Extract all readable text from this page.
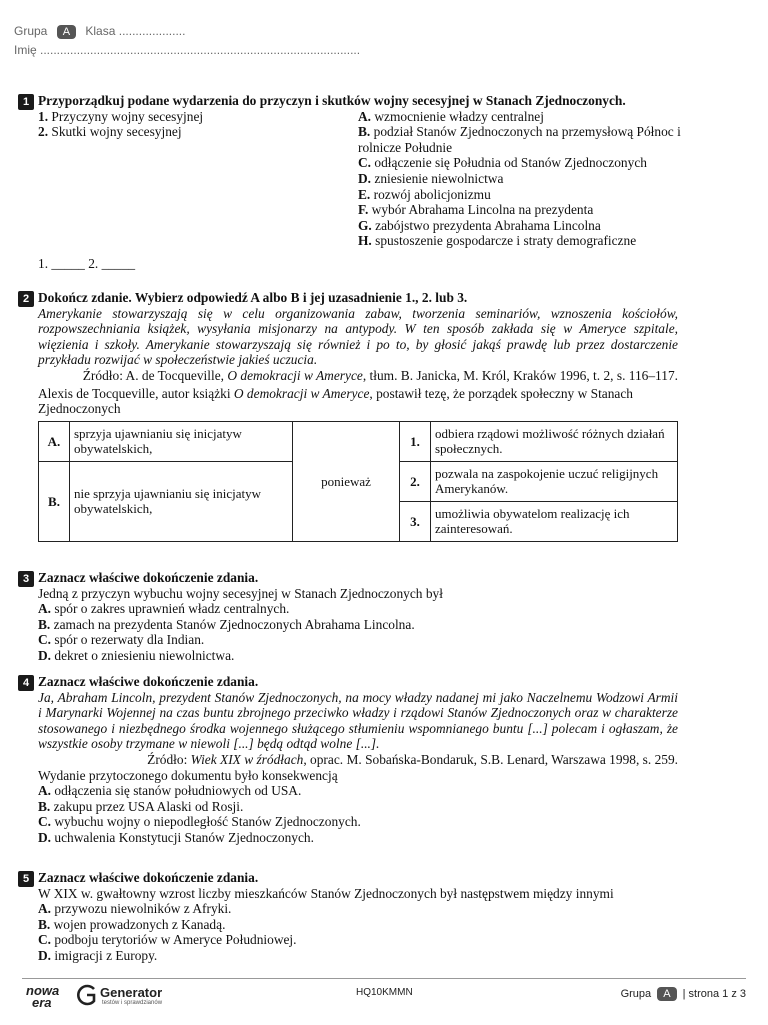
Grupa A Klasa ....................
Imię ................................................................................................
1 Przyporządkuj podane wydarzenia do przyczyn i skutków wojny secesyjnej w Stanach Zjednoczonych.
1. Przyczyny wojny secesyjnej
2. Skutki wojny secesyjnej
A. wzmocnienie władzy centralnej
B. podział Stanów Zjednoczonych na przemysłową Północ i rolnicze Południe
C. odłączenie się Południa od Stanów Zjednoczonych
D. zniesienie niewolnictwa
E. rozwój abolicjonizmu
F. wybór Abrahama Lincolna na prezydenta
G. zabójstwo prezydenta Abrahama Lincolna
H. spustoszenie gospodarcze i straty demograficzne
1. _____ 2. _____
2 Dokończ zdanie. Wybierz odpowiedź A albo B i jej uzasadnienie 1., 2. lub 3.
Amerykanie stowarzyszają się w celu organizowania zabaw, tworzenia seminariów, wznoszenia kościołów, rozpowszechniania książek, wysyłania misjonarzy na antypody. W ten sposób zakłada się w Ameryce szpitale, więzienia i szkoły. Amerykanie stowarzyszają się również i po to, by głosić jakąś prawdę lub przez dostarczenie przykładu rozwijać w społeczeństwie jakieś uczucia.
Źródło: A. de Tocqueville, O demokracji w Ameryce, tłum. B. Janicka, M. Król, Kraków 1996, t. 2, s. 116–117.
Alexis de Tocqueville, autor książki O demokracji w Ameryce, postawił tezę, że porządek społeczny w Stanach Zjednoczonych
A.	sprzyja ujawnianiu się inicjatyw obywatelskich,	ponieważ	1.	odbiera rządowi możliwość różnych działań społecznych.
B.	nie sprzyja ujawnianiu się inicjatyw obywatelskich,		2.	pozwala na zaspokojenie uczuć religijnych Amerykanów.
			3.	umożliwia obywatelom realizację ich zainteresowań.
3 Zaznacz właściwe dokończenie zdania.
Jedną z przyczyn wybuchu wojny secesyjnej w Stanach Zjednoczonych był
A. spór o zakres uprawnień władz centralnych.
B. zamach na prezydenta Stanów Zjednoczonych Abrahama Lincolna.
C. spór o rezerwaty dla Indian.
D. dekret o zniesieniu niewolnictwa.
4 Zaznacz właściwe dokończenie zdania.
Ja, Abraham Lincoln, prezydent Stanów Zjednoczonych, na mocy władzy nadanej mi jako Naczelnemu Wodzowi Armii i Marynarki Wojennej na czas buntu zbrojnego przeciwko władzy i rządowi Stanów Zjednoczonych oraz w charakterze stosowanego i niezbędnego środka wojennego służącego stłumieniu wspomnianego buntu [...] polecam i ogłaszam, że wszystkie osoby trzymane w niewoli [...] będą odtąd wolne [...].
Źródło: Wiek XIX w źródłach, oprac. M. Sobańska-Bondaruk, S.B. Lenard, Warszawa 1998, s. 259.
Wydanie przytoczonego dokumentu było konsekwencją
A. odłączenia się stanów południowych od USA.
B. zakupu przez USA Alaski od Rosji.
C. wybuchu wojny o niepodległość Stanów Zjednoczonych.
D. uchwalenia Konstytucji Stanów Zjednoczonych.
5 Zaznacz właściwe dokończenie zdania.
W XIX w. gwałtowny wzrost liczby mieszkańców Stanów Zjednoczonych był następstwem między innymi
A. przywozu niewolników z Afryki.
B. wojen prowadzonych z Kanadą.
C. podboju terytoriów w Ameryce Południowej.
D. imigracji z Europy.
nowa
era
Generator
testów i sprawdzianów
HQ10KMMN	Grupa A | strona 1 z 3
